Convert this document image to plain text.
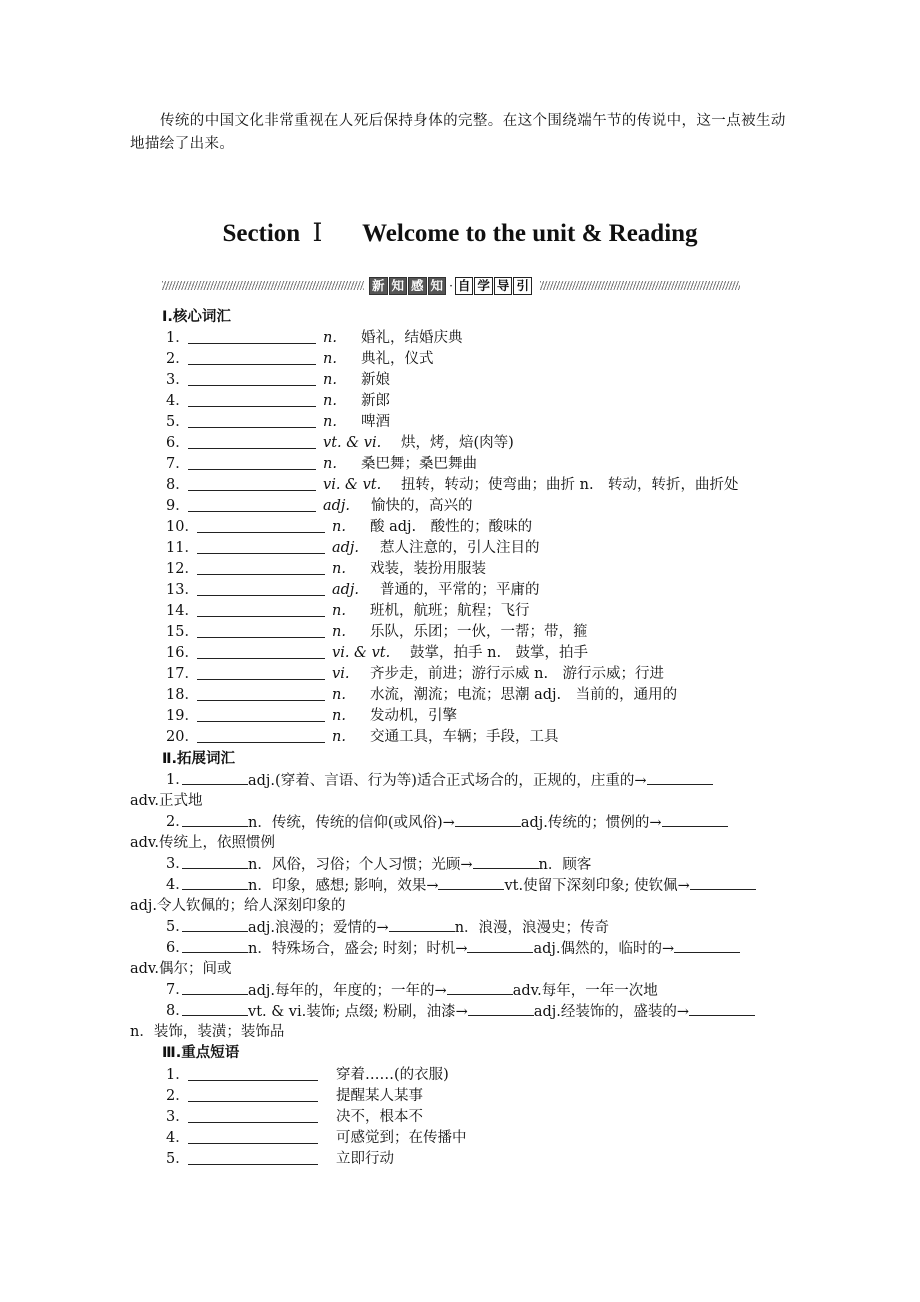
传统的中国文化非常重视在人死后保持身体的完整。在这个围绕端午节的传说中，这一点被生动地描绘了出来。
Section Ⅰ Welcome to the unit & Reading
新 知 感 知 · 自 学 导 引
Ⅰ.核心词汇
1．	n. 婚礼，结婚庆典
2．	n. 典礼，仪式
3．	n. 新娘
4．	n. 新郎
5．	n. 啤酒
6．	vt. & vi. 烘，烤，焙(肉等)
7．	n. 桑巴舞；桑巴舞曲
8．	vi. & vt. 扭转，转动；使弯曲；曲折 n.　转动，转折，曲折处
9．	adj. 愉快的，高兴的
10．	n. 酸 adj.　酸性的；酸味的
11．	adj. 惹人注意的，引人注目的
12．	n. 戏装，装扮用服装
13．	adj. 普通的，平常的；平庸的
14．	n. 班机，航班；航程；飞行
15．	n. 乐队，乐团；一伙，一帮；带，箍
16．	vi. & vt. 鼓掌，拍手 n.　鼓掌，拍手
17．	vi. 齐步走，前进；游行示威 n.　游行示威；行进
18．	n. 水流，潮流；电流；思潮 adj.　当前的，通用的
19．	n. 发动机，引擎
20．	n. 交通工具，车辆；手段，工具
Ⅱ.拓展词汇
1．	adj.(穿着、言语、行为等)适合正式场合的，正规的，庄重的→
adv.正式地
2．	n．传统，传统的信仰(或风俗)→	adj.传统的；惯例的→
adv.传统上，依照惯例
3．	n．风俗，习俗；个人习惯；光顾→	n．顾客
4．	n．印象，感想; 影响，效果→	vt.使留下深刻印象; 使钦佩→
adj.令人钦佩的；给人深刻印象的
5．	adj.浪漫的；爱情的→	n．浪漫，浪漫史；传奇
6．	n．特殊场合，盛会; 时刻；时机→	adj.偶然的，临时的→
adv.偶尔；间或
7．	adj.每年的，年度的；一年的→	adv.每年，一年一次地
8．	vt. & vi.装饰; 点缀; 粉刷，油漆→	adj.经装饰的，盛装的→
n．装饰，装潢；装饰品
Ⅲ.重点短语
1．	穿着……(的衣服)
2．	提醒某人某事
3．	决不，根本不
4．	可感觉到；在传播中
5．	立即行动
